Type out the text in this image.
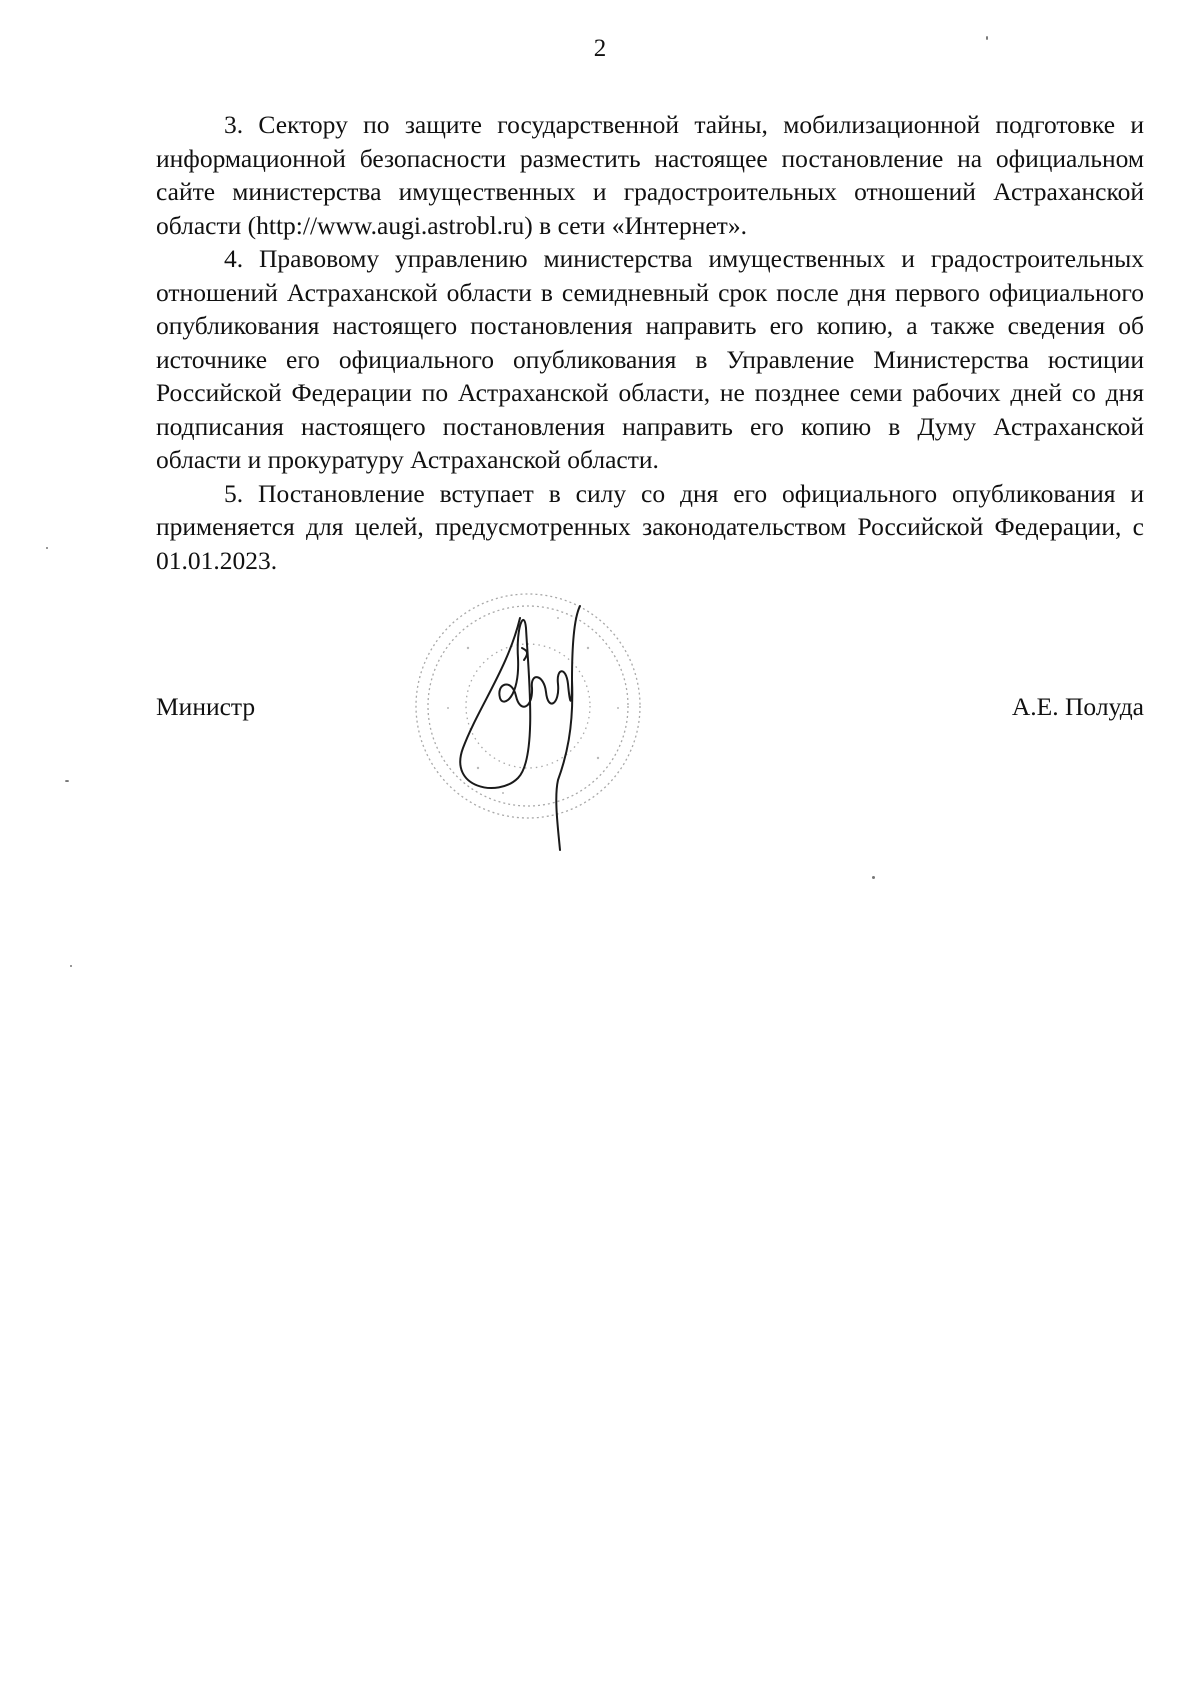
2

3. Сектору по защите государственной тайны, мобилизационной подготовке и информационной безопасности разместить настоящее постановление на официальном сайте министерства имущественных и градостроительных отношений Астраханской области (http://www.augi.astrobl.ru) в сети «Интернет».

4. Правовому управлению министерства имущественных и градостроительных отношений Астраханской области в семидневный срок после дня первого официального опубликования настоящего постановления направить его копию, а также сведения об источнике его официального опубликования в Управление Министерства юстиции Российской Федерации по Астраханской области, не позднее семи рабочих дней со дня подписания настоящего постановления направить его копию в Думу Астраханской области и прокуратуру Астраханской области.

5. Постановление вступает в силу со дня его официального опубликования и применяется для целей, предусмотренных законодательством Российской Федерации, с 01.01.2023.

Министр	А.Е. Полуда
